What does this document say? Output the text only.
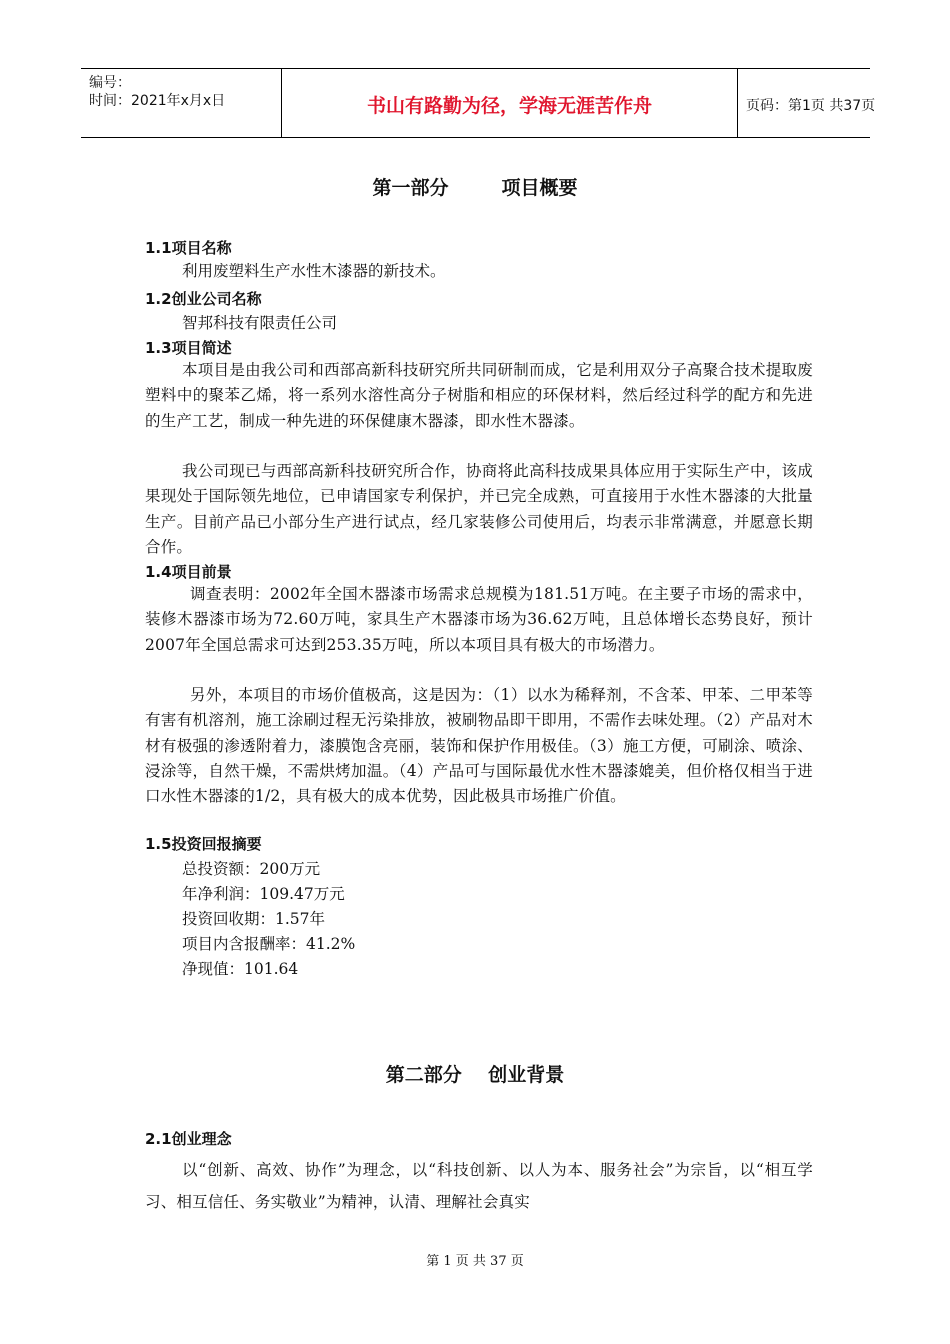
编号：
时间：2021年x月x日	书山有路勤为径，学海无涯苦作舟	页码：第1页 共37页
第一部分        项目概要
1.1项目名称
利用废塑料生产水性木漆器的新技术。
1.2创业公司名称
智邦科技有限责任公司
1.3项目简述

本项目是由我公司和西部高新科技研究所共同研制而成，它是利用双分子高聚合技术提取废塑料中的聚苯乙烯，将一系列水溶性高分子树脂和相应的环保材料，然后经过科学的配方和先进的生产工艺，制成一种先进的环保健康木器漆，即水性木器漆。

我公司现已与西部高新科技研究所合作，协商将此高科技成果具体应用于实际生产中，该成果现处于国际领先地位，已申请国家专利保护，并已完全成熟，可直接用于水性木器漆的大批量生产。目前产品已小部分生产进行试点，经几家装修公司使用后，均表示非常满意，并愿意长期合作。

1.4项目前景

调查表明：2002年全国木器漆市场需求总规模为181.51万吨。在主要子市场的需求中，装修木器漆市场为72.60万吨，家具生产木器漆市场为36.62万吨，且总体增长态势良好，预计2007年全国总需求可达到253.35万吨，所以本项目具有极大的市场潜力。

另外，本项目的市场价值极高，这是因为：（1）以水为稀释剂，不含苯、甲苯、二甲苯等有害有机溶剂，施工涂刷过程无污染排放，被刷物品即干即用，不需作去味处理。（2）产品对木材有极强的渗透附着力，漆膜饱含亮丽，装饰和保护作用极佳。（3）施工方便，可刷涂、喷涂、浸涂等，自然干燥，不需烘烤加温。（4）产品可与国际最优水性木器漆媲美，但价格仅相当于进口水性木器漆的1/2，具有极大的成本优势，因此极具市场推广价值。

1.5投资回报摘要
总投资额：200万元
年净利润：109.47万元
投资回收期：1.57年
项目内含报酬率：41.2%
净现值：101.64
第二部分    创业背景
2.1创业理念

以“创新、高效、协作”为理念，以“科技创新、以人为本、服务社会”为宗旨，以“相互学习、相互信任、务实敬业”为精神，认清、理解社会真实

第 1 页 共 37 页
